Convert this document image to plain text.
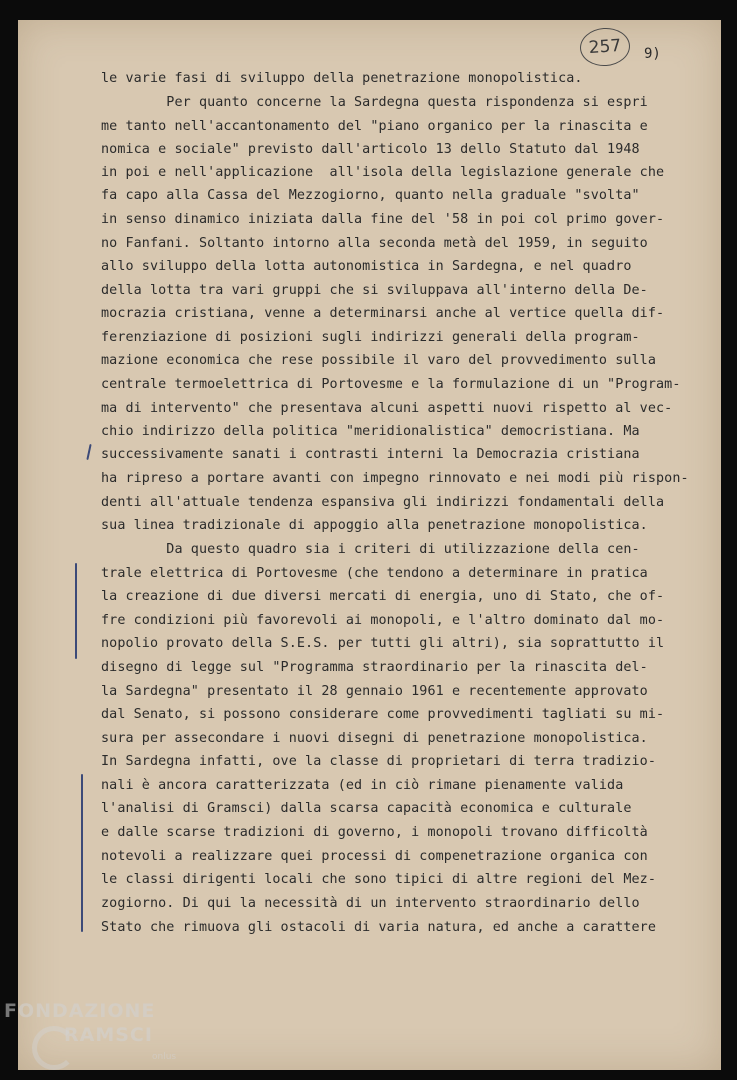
257	9)
le varie fasi di sviluppo della penetrazione monopolistica.
Per quanto concerne la Sardegna questa rispondenza si espri
me tanto nell'accantonamento del "piano organico per la rinascita e
nomica e sociale" previsto dall'articolo 13 dello Statuto dal 1948
in poi e nell'applicazione  all'isola della legislazione generale che
fa capo alla Cassa del Mezzogiorno, quanto nella graduale "svolta"
in senso dinamico iniziata dalla fine del '58 in poi col primo gover-
no Fanfani. Soltanto intorno alla seconda metà del 1959, in seguito
allo sviluppo della lotta autonomistica in Sardegna, e nel quadro
della lotta tra vari gruppi che si sviluppava all'interno della De-
mocrazia cristiana, venne a determinarsi anche al vertice quella dif-
ferenziazione di posizioni sugli indirizzi generali della program-
mazione economica che rese possibile il varo del provvedimento sulla
centrale termoelettrica di Portovesme e la formulazione di un "Program-
ma di intervento" che presentava alcuni aspetti nuovi rispetto al vec-
chio indirizzo della politica "meridionalistica" democristiana. Ma
successivamente sanati i contrasti interni la Democrazia cristiana
ha ripreso a portare avanti con impegno rinnovato e nei modi più rispon-
denti all'attuale tendenza espansiva gli indirizzi fondamentali della
sua linea tradizionale di appoggio alla penetrazione monopolistica.
Da questo quadro sia i criteri di utilizzazione della cen-
trale elettrica di Portovesme (che tendono a determinare in pratica
la creazione di due diversi mercati di energia, uno di Stato, che of-
fre condizioni più favorevoli ai monopoli, e l'altro dominato dal mo-
nopolio provato della S.E.S. per tutti gli altri), sia soprattutto il
disegno di legge sul "Programma straordinario per la rinascita del-
la Sardegna" presentato il 28 gennaio 1961 e recentemente approvato
dal Senato, si possono considerare come provvedimenti tagliati su mi-
sura per assecondare i nuovi disegni di penetrazione monopolistica.
In Sardegna infatti, ove la classe di proprietari di terra tradizio-
nali è ancora caratterizzata (ed in ciò rimane pienamente valida
l'analisi di Gramsci) dalla scarsa capacità economica e culturale
e dalle scarse tradizioni di governo, i monopoli trovano difficoltà
notevoli a realizzare quei processi di compenetrazione organica con
le classi dirigenti locali che sono tipici di altre regioni del Mez-
zogiorno. Di qui la necessità di un intervento straordinario dello
Stato che rimuova gli ostacoli di varia natura, ed anche a carattere
FONDAZIONE
RAMSCI
onlus
